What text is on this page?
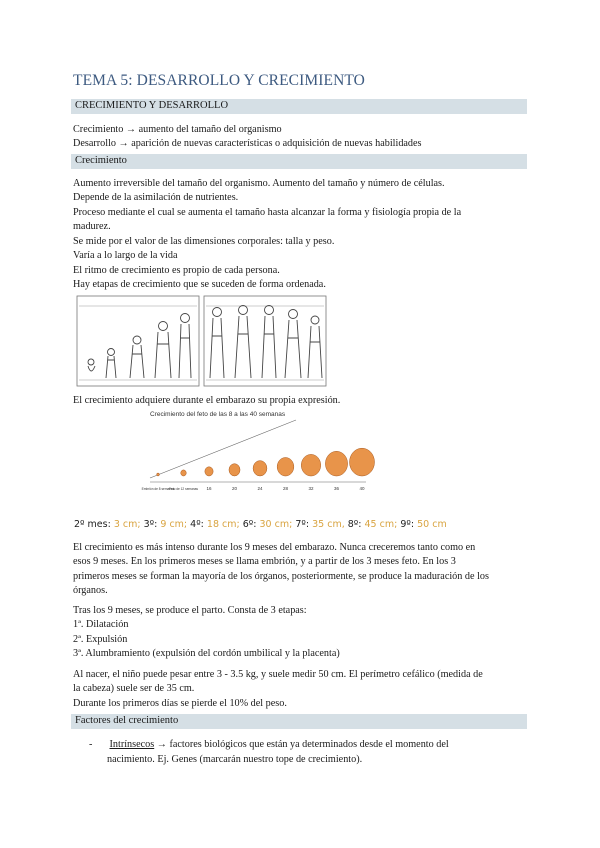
TEMA 5: DESARROLLO Y CRECIMIENTO
CRECIMIENTO Y DESARROLLO
Crecimiento → aumento del tamaño del organismo
Desarrollo → aparición de nuevas características o adquisición de nuevas habilidades
Crecimiento
Aumento irreversible del tamaño del organismo. Aumento del tamaño y número de células.
Depende de la asimilación de nutrientes.
Proceso mediante el cual se aumenta el tamaño hasta alcanzar la forma y fisiología propia de la
madurez.
Se mide por el valor de las dimensiones corporales: talla y peso.
Varía a lo largo de la vida
El ritmo de crecimiento es propio de cada persona.
Hay etapas de crecimiento que se suceden de forma ordenada.
El crecimiento adquiere durante el embarazo su propia expresión.
Crecimiento del feto de las 8 a las 40 semanas
Embrión de 8 semanas
Feto de 12 semanas 16	20	24	28	32	36	40
2º mes: 3 cm; 3º: 9 cm; 4º: 18 cm; 6º: 30 cm; 7º: 35 cm, 8º: 45 cm; 9º: 50 cm
El crecimiento es más intenso durante los 9 meses del embarazo. Nunca creceremos tanto como en
esos 9 meses. En los primeros meses se llama embrión, y a partir de los 3 meses feto. En los 3
primeros meses se forman la mayoría de los órganos, posteriormente, se produce la maduración de los
órganos.
Tras los 9 meses, se produce el parto. Consta de 3 etapas:
1ª. Dilatación
2ª. Expulsión
3ª. Alumbramiento (expulsión del cordón umbilical y la placenta)
Al nacer, el niño puede pesar entre 3 - 3.5 kg, y suele medir 50 cm. El perímetro cefálico (medida de
la cabeza) suele ser de 35 cm.
Durante los primeros días se pierde el 10% del peso.
Factores del crecimiento
- Intrínsecos → factores biológicos que están ya determinados desde el momento del
nacimiento. Ej. Genes (marcarán nuestro tope de crecimiento).
